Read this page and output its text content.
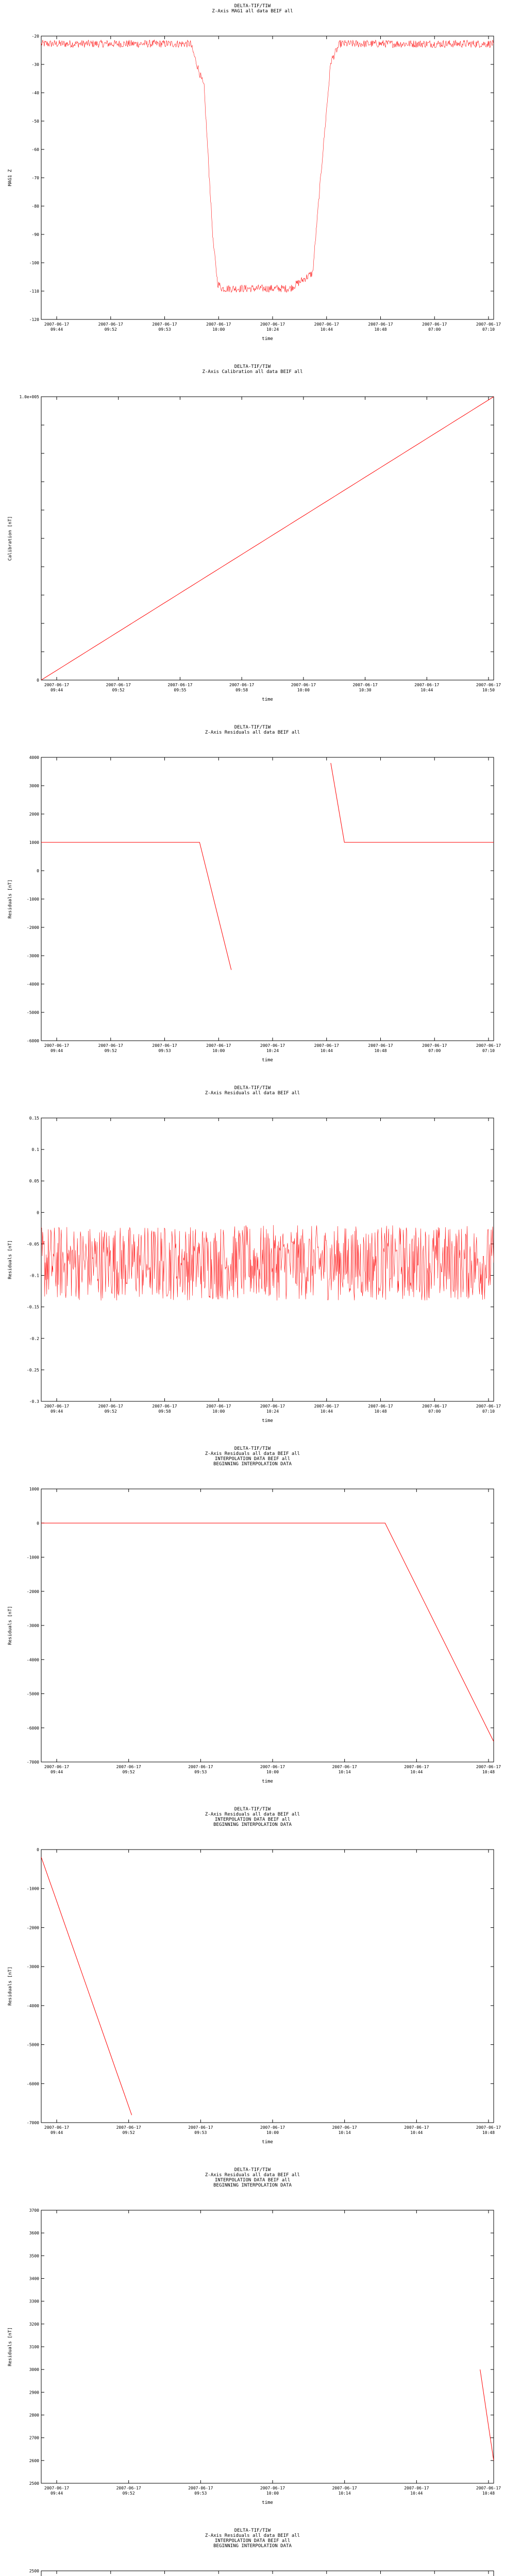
DELTA-TIF/TIW
Z-Axis MAG1 all data BEIF all
-20
-30
-40
-50
-60
-70
-80
-90
-100
-110
-120
2007-06-17
09:44
2007-06-17
09:52
2007-06-17
09:53
2007-06-17
10:00
2007-06-17
10:24
2007-06-17
10:44
2007-06-17
10:48
2007-06-17
07:00
2007-06-17
07:10
time
MAG1 Z
DELTA-TIF/TIW
Z-Axis Calibration all data BEIF all
1.0e+005
0
2007-06-17
09:44
2007-06-17
09:52
2007-06-17
09:55
2007-06-17
09:58
2007-06-17
10:00
2007-06-17
10:30
2007-06-17
10:44
2007-06-17
10:50
time
Calibration [nT]
DELTA-TIF/TIW
Z-Axis Residuals all data BEIF all
4000
3000
2000
1000
0
-1000
-2000
-3000
-4000
-5000
-6000
2007-06-17
09:44
2007-06-17
09:52
2007-06-17
09:53
2007-06-17
10:00
2007-06-17
10:24
2007-06-17
10:44
2007-06-17
10:48
2007-06-17
07:00
2007-06-17
07:10
time
Residuals [nT]
DELTA-TIF/TIW
Z-Axis Residuals all data BEIF all
0.15
0.1
0.05
0
-0.05
-0.1
-0.15
-0.2
-0.25
-0.3
2007-06-17
09:44
2007-06-17
09:52
2007-06-17
09:58
2007-06-17
10:00
2007-06-17
10:24
2007-06-17
10:44
2007-06-17
10:48
2007-06-17
07:00
2007-06-17
07:10
time
Residuals [nT]
DELTA-TIF/TIW
Z-Axis Residuals all data BEIF all
INTERPOLATION DATA BEIF all
BEGINNING INTERPOLATION DATA
1000
0
-1000
-2000
-3000
-4000
-5000
-6000
-7000
2007-06-17
09:44
2007-06-17
09:52
2007-06-17
09:53
2007-06-17
10:00
2007-06-17
10:14
2007-06-17
10:44
2007-06-17
10:48
time
Residuals [nT]
DELTA-TIF/TIW
Z-Axis Residuals all data BEIF all
INTERPOLATION DATA BEIF all
BEGINNING INTERPOLATION DATA
0
-1000
-2000
-3000
-4000
-5000
-6000
-7000
2007-06-17
09:44
2007-06-17
09:52
2007-06-17
09:53
2007-06-17
10:00
2007-06-17
10:14
2007-06-17
10:44
2007-06-17
10:48
time
Residuals [nT]
DELTA-TIF/TIW
Z-Axis Residuals all data BEIF all
INTERPOLATION DATA BEIF all
BEGINNING INTERPOLATION DATA
3700
3600
3500
3400
3300
3200
3100
3000
2900
2800
2700
2600
2500
2007-06-17
09:44
2007-06-17
09:52
2007-06-17
09:53
2007-06-17
10:00
2007-06-17
10:14
2007-06-17
10:44
2007-06-17
10:48
time
Residuals [nT]
DELTA-TIF/TIW
Z-Axis Residuals all data BEIF all
INTERPOLATION DATA BEIF all
BEGINNING INTERPOLATION DATA
2500
